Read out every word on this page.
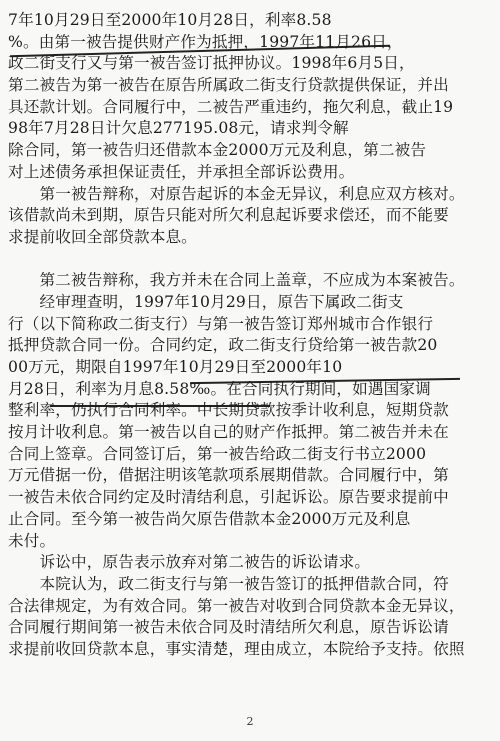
7年10月29日至2000年10月28日，利率8.58
%。由第一被告提供财产作为抵押，1997年11月26日，
政二街支行又与第一被告签订抵押协议。1998年6月5日，
第二被告为第一被告在原告所属政二街支行贷款提供保证，并出
具还款计划。合同履行中，二被告严重违约，拖欠利息，截止19
98年7月28日计欠息277195.08元，请求判令解
除合同，第一被告归还借款本金2000万元及利息，第二被告
对上述债务承担保证责任，并承担全部诉讼费用。
　　第一被告辩称，对原告起诉的本金无异议，利息应双方核对。
该借款尚未到期，原告只能对所欠利息起诉要求偿还，而不能要
求提前收回全部贷款本息。
　　第二被告辩称，我方并未在合同上盖章，不应成为本案被告。
　　经审理查明，1997年10月29日，原告下属政二街支
行（以下简称政二街支行）与第一被告签订郑州城市合作银行
抵押贷款合同一份。合同约定，政二街支行贷给第一被告款20
00万元，期限自1997年10月29日至2000年10
月28日，利率为月息8.58‰。在合同执行期间，如遇国家调
整利率，仍执行合同利率。中长期贷款按季计收利息，短期贷款
按月计收利息。第一被告以自己的财产作抵押。第二被告并未在
合同上签章。合同签订后，第一被告给政二街支行书立2000
万元借据一份，借据注明该笔款项系展期借款。合同履行中，第
一被告未依合同约定及时清结利息，引起诉讼。原告要求提前中
止合同。至今第一被告尚欠原告借款本金2000万元及利息
未付。
　　诉讼中，原告表示放弃对第二被告的诉讼请求。
　　本院认为，政二街支行与第一被告签订的抵押借款合同，符
合法律规定，为有效合同。第一被告对收到合同贷款本金无异议，
合同履行期间第一被告未依合同及时清结所欠利息，原告诉讼请
求提前收回贷款本息，事实清楚，理由成立，本院给予支持。依照
2
